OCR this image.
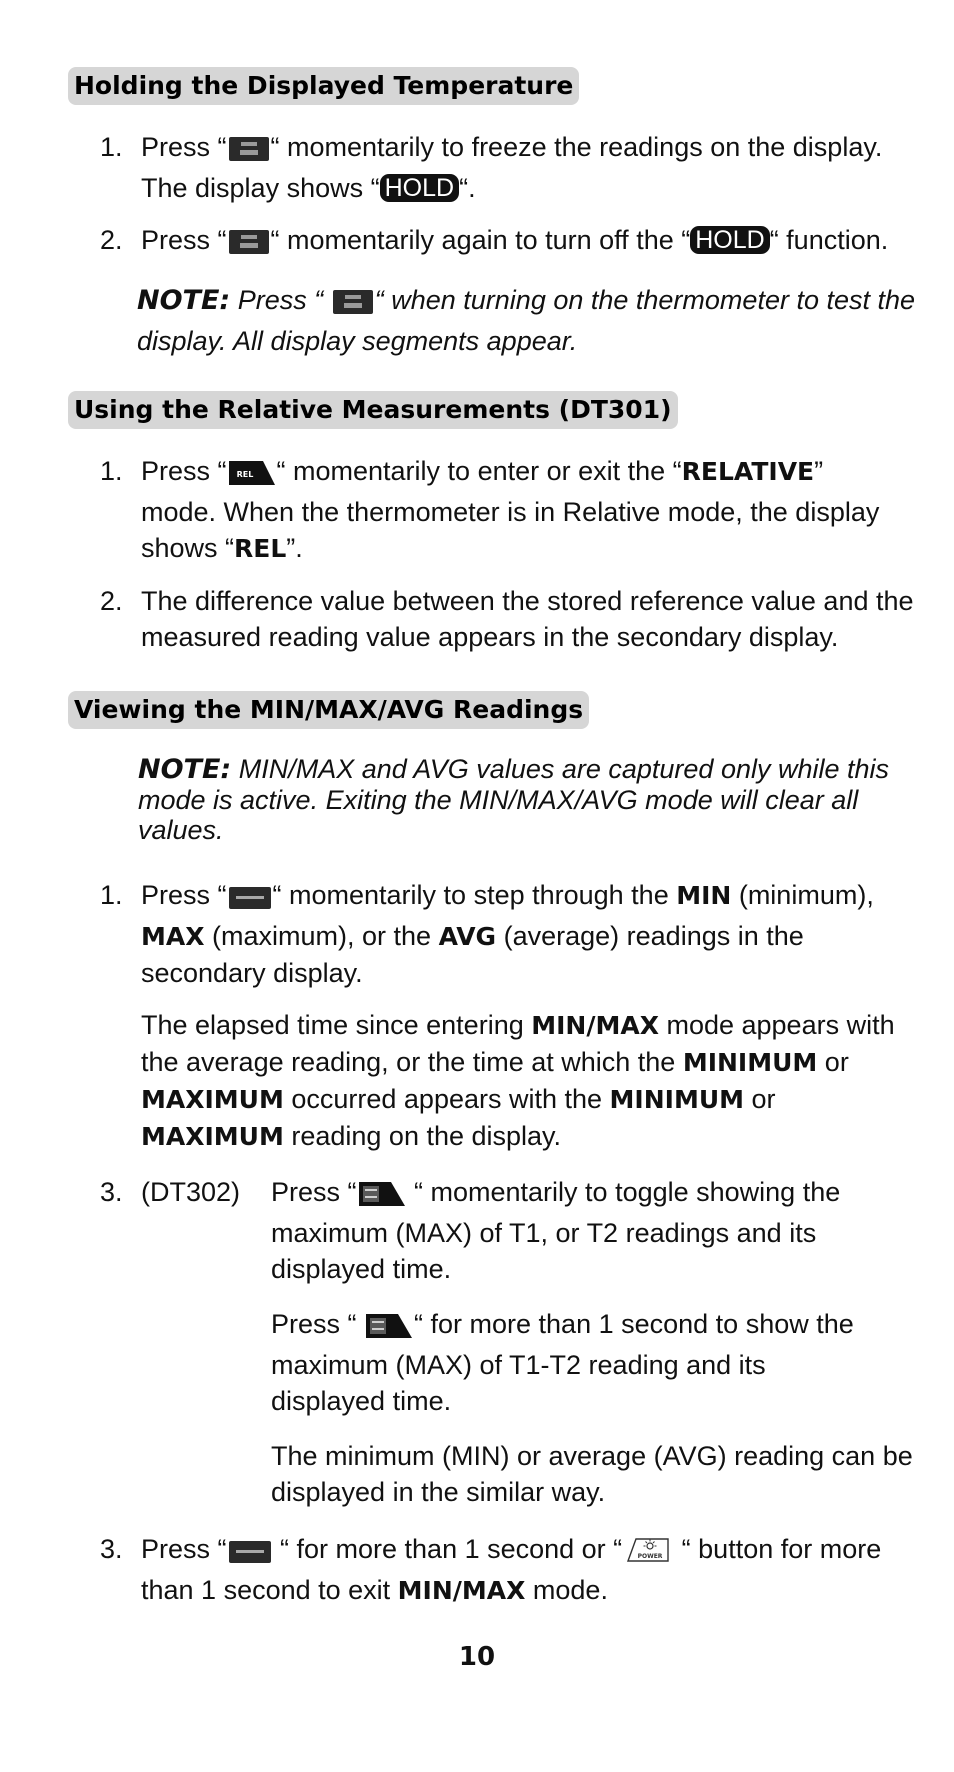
Holding the Displayed Temperature
1. Press “ “ momentarily to freeze the readings on the display.
The display shows “ HOLD “.
2. Press “ “ momentarily again to turn off the “ HOLD “ function.
NOTE: Press “ “ when turning on the thermometer to test the
display. All display segments appear.
Using the Relative Measurements (DT301)
1. Press “ REL “ momentarily to enter or exit the “RELATIVE”
mode. When the thermometer is in Relative mode, the display
shows “REL”.
2. The difference value between the stored reference value and the
measured reading value appears in the secondary display.
Viewing the MIN/MAX/AVG Readings
NOTE: MIN/MAX and AVG values are captured only while this
mode is active. Exiting the MIN/MAX/AVG mode will clear all
values.
1. Press “ “ momentarily to step through the MIN (minimum),
MAX (maximum), or the AVG (average) readings in the
secondary display.
The elapsed time since entering MIN/MAX mode appears with
the average reading, or the time at which the MINIMUM or
MAXIMUM occurred appears with the MINIMUM or
MAXIMUM reading on the display.
3. (DT302) Press “ “ momentarily to toggle showing the
maximum (MAX) of T1, or T2 readings and its
displayed time.
Press “ “ for more than 1 second to show the
maximum (MAX) of T1-T2 reading and its
displayed time.
The minimum (MIN) or average (AVG) reading can be
displayed in the similar way.
3. Press “ “ for more than 1 second or “	POWER “ button for more
than 1 second to exit MIN/MAX mode.
10
